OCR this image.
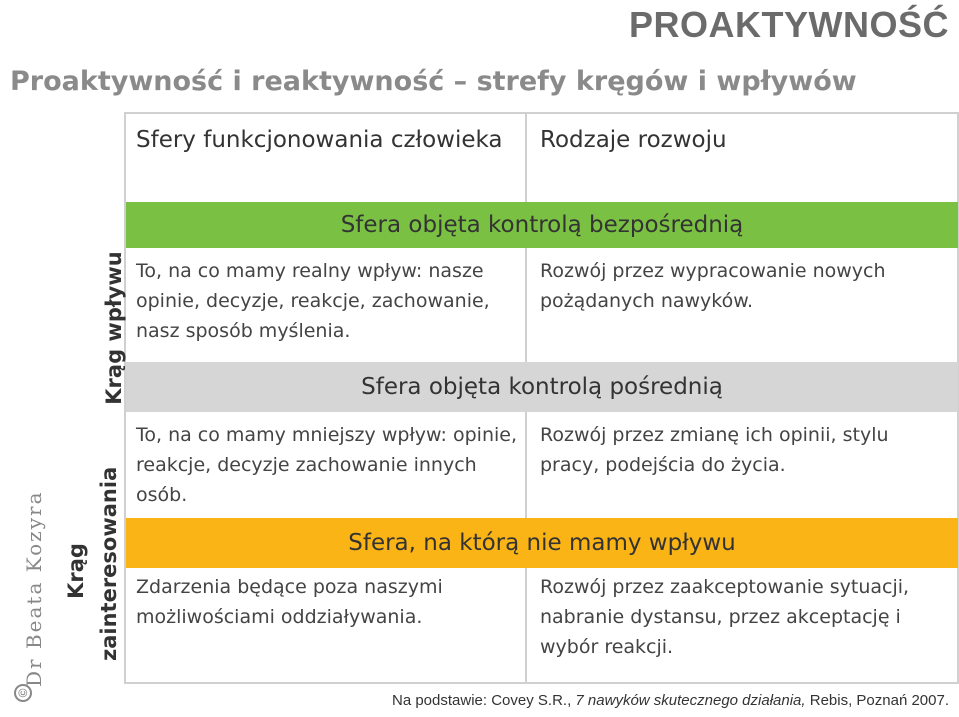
PROAKTYWNOŚĆ
Proaktywność i reaktywność – strefy kręgów i wpływów
Sfery funkcjonowania człowieka Rodzaje rozwoju
Sfera objęta kontrolą bezpośrednią
Sfera objęta kontrolą pośrednią
Sfera, na którą nie mamy wpływu
To, na co mamy realny wpływ: nasze opinie, decyzje, reakcje, zachowanie, nasz sposób myślenia.
Rozwój przez wypracowanie nowych pożądanych nawyków.
To, na co mamy mniejszy wpływ: opinie, reakcje, decyzje zachowanie innych osób.
Rozwój przez zmianę ich opinii, stylu pracy, podejścia do życia.
Zdarzenia będące poza naszymi możliwościami oddziaływania.
Rozwój przez zaakceptowanie sytuacji, nabranie dystansu, przez akceptację i wybór reakcji.
Krąg wpływu
Krąg zainteresowania
Dr Beata Kozyra
©	Na podstawie: Covey S.R., 7 nawyków skutecznego działania, Rebis, Poznań 2007.
